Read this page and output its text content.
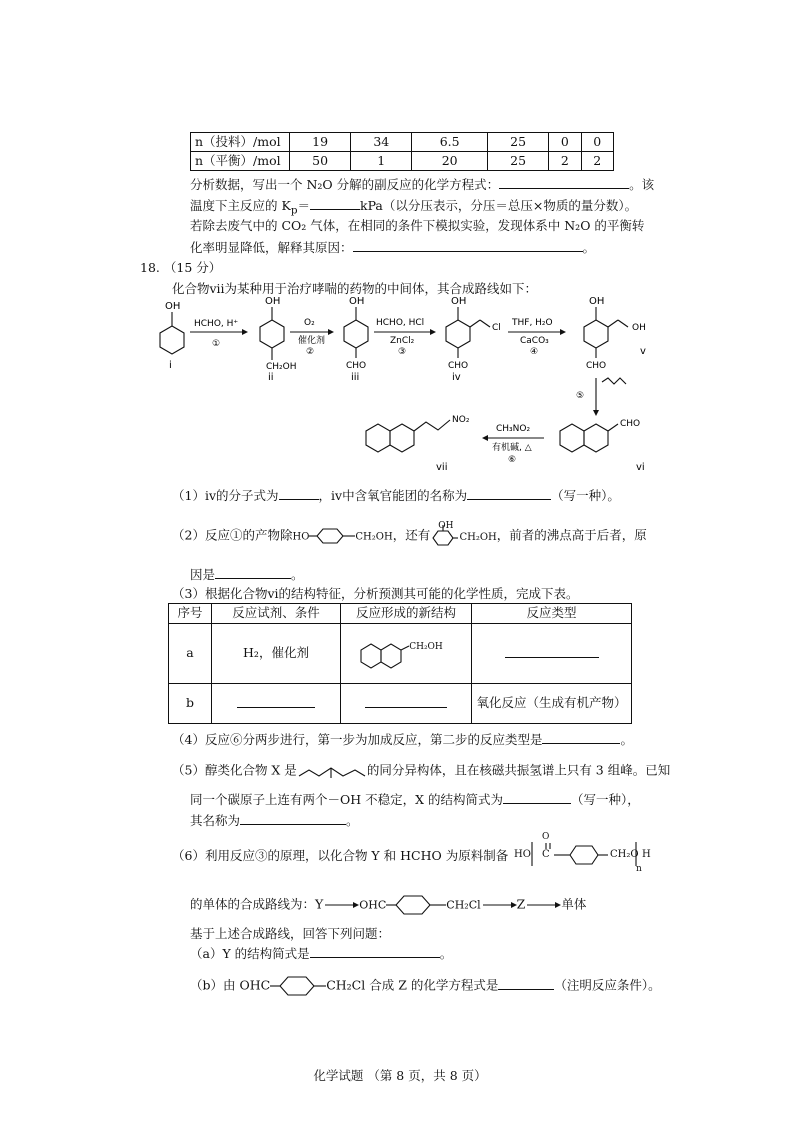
n（投料）/mol	19	34	6.5	25	0	0
n（平衡）/mol	50	1	20	25	2	2
分析数据，写出一个 N₂O 分解的副反应的化学方程式：	。该
温度下主反应的 $K_p=$	kPa（以分压表示，分压＝总压×物质的量分数）。
若除去废气中的 CO₂ 气体，在相同的条件下模拟实验，发现体系中 N₂O 的平衡转
化率明显降低，解释其原因：	。
18. （15 分）
化合物vii为某种用于治疗哮喘的药物的中间体，其合成路线如下：
OH
i
HCHO, H⁺
①
OH
CH₂OH
ii
O₂
催化剂
②
OH
CHO
iii
HCHO, HCl
ZnCl₂
③
OH
Cl
CHO
iv
THF, H₂O
CaCO₃
④
OH
OH
CHO
v
⑤
CHO
vi
CH₃NO₂
有机碱, △
⑥
NO₂
vii
（1）iv的分子式为	，iv中含氧官能团的名称为	（写一种）。
（2）反应①的产物除HO	CH₂OH，还有$^{OH}$CH₂OH，前者的沸点高于后者，原
因是	。
（3）根据化合物vi的结构特征，分析预测其可能的化学性质，完成下表。
序号	反应试剂、条件	反应形成的新结构	反应类型
a	H₂，催化剂	$^{CH_2OH}$	
b			氧化反应（生成有机产物）
（4）反应⑥分两步进行，第一步为加成反应，第二步的反应类型是	。
（5）醇类化合物 X 是	的同分异构体，且在核磁共振氢谱上只有 3 组峰。已知
同一个碳原子上连有两个－OH 不稳定，X 的结构简式为	（写一种），
其名称为	。
（6）利用反应③的原理，以化合物 Y 和 HCHO 为原料制备 HO
O
C	CH₂O H
n
的单体的合成路线为：Y	OHC	CH₂Cl	Z	单体
基于上述合成路线，回答下列问题：
（a）Y 的结构简式是	。
（b）由 OHC	CH₂Cl 合成 Z 的化学方程式是	（注明反应条件）。
化学试题 （第 8 页，共 8 页）
